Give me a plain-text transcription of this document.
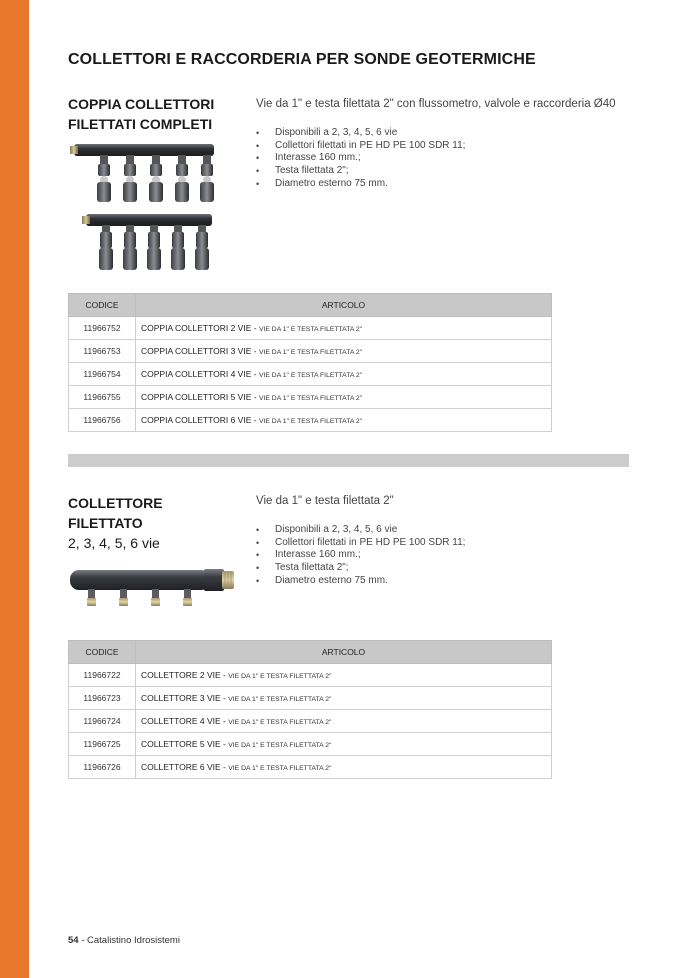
COLLETTORI E RACCORDERIA PER SONDE GEOTERMICHE
COPPIA COLLETTORI
FILETTATI COMPLETI
Vie da 1" e testa filettata 2" con flussometro, valvole e raccorderia Ø40
• Disponibili a 2, 3, 4, 5, 6 vie
• Collettori filettati in PE HD PE 100 SDR 11;
• Interasse 160 mm.;
• Testa filettata 2";
• Diametro esterno 75 mm.
CODICE	ARTICOLO
11966752	COPPIA COLLETTORI 2 VIE - VIE DA 1" E TESTA FILETTATA 2"
11966753	COPPIA COLLETTORI 3 VIE - VIE DA 1" E TESTA FILETTATA 2"
11966754	COPPIA COLLETTORI 4 VIE - VIE DA 1" E TESTA FILETTATA 2"
11966755	COPPIA COLLETTORI 5 VIE - VIE DA 1" E TESTA FILETTATA 2"
11966756	COPPIA COLLETTORI 6 VIE - VIE DA 1" E TESTA FILETTATA 2"
COLLETTORE
FILETTATO
2, 3, 4, 5, 6 vie
Vie da 1" e testa filettata 2"
• Disponibili a 2, 3, 4, 5, 6 vie
• Collettori filettati in PE HD PE 100 SDR 11;
• Interasse 160 mm.;
• Testa filettata 2";
• Diametro esterno 75 mm.
CODICE	ARTICOLO
11966722	COLLETTORE 2 VIE - VIE DA 1" E TESTA FILETTATA 2"
11966723	COLLETTORE 3 VIE - VIE DA 1" E TESTA FILETTATA 2"
11966724	COLLETTORE 4 VIE - VIE DA 1" E TESTA FILETTATA 2"
11966725	COLLETTORE 5 VIE - VIE DA 1" E TESTA FILETTATA 2"
11966726	COLLETTORE 6 VIE - VIE DA 1" E TESTA FILETTATA 2"
54 - Catalistino Idrosistemi
